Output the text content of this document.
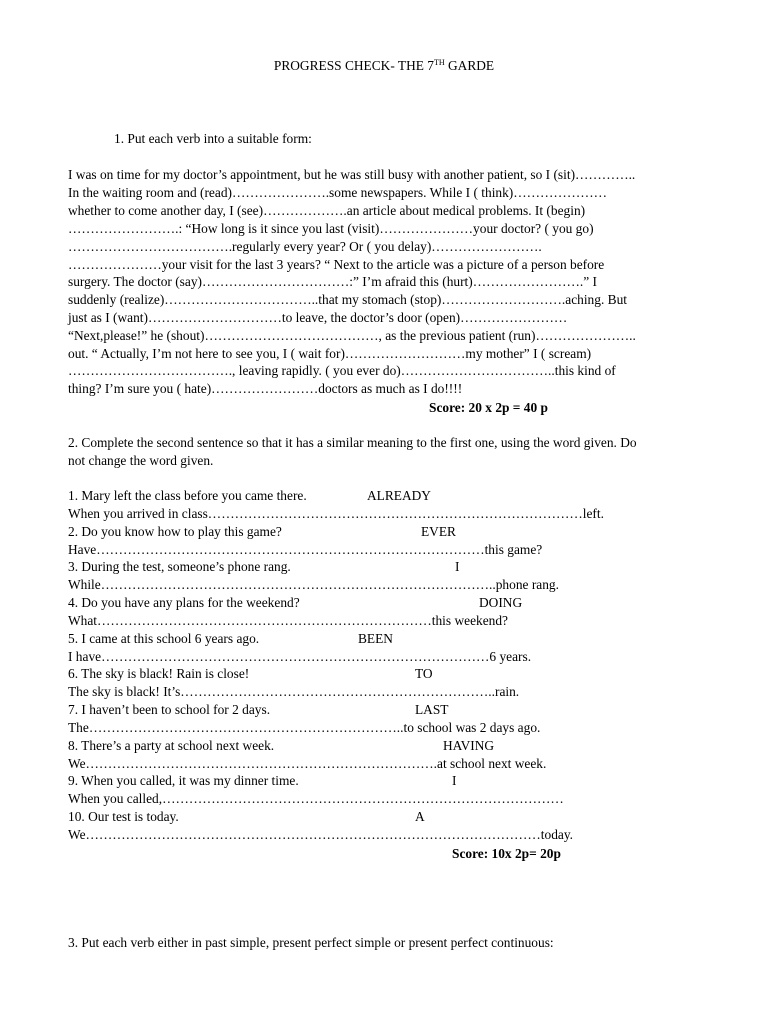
PROGRESS CHECK- THE 7TH GARDE
1. Put each verb into a suitable form:
I was on time for my doctor’s appointment, but he was still busy with another patient, so I (sit)…………..
In the waiting room and (read)………………….some newspapers. While I ( think)…………………
whether to come another day, I (see)……………….an article about medical problems. It (begin)
…………………….: “How long is it since you last (visit)…………………your doctor? ( you go)
……………………………….regularly every year? Or ( you delay)…………………….
…………………your visit for the last 3 years? “ Next to the article was a picture of a person before
surgery. The doctor (say)……………………………:” I’m afraid this (hurt)…………………….” I
suddenly (realize)……………………………..that my stomach (stop)……………………….aching. But
just as I (want)…………………………to leave, the doctor’s door (open)……………………
“Next,please!” he (shout)…………………………………, as the previous patient (run)…………………..
out. “ Actually, I’m not here to see you, I ( wait for)………………………my mother” I ( scream)
………………………………., leaving rapidly. ( you ever do)……………………………..this kind of
thing? I’m sure you ( hate)……………………doctors as much as I do!!!!
Score: 20 x 2p = 40 p
2. Complete the second sentence so that it has a similar meaning to the first one, using the word given. Do
not change the word given.
1. Mary left the class before you came there.	ALREADY
When you arrived in class…………………………………………………………………………left.
2. Do you know how to play this game?	EVER
Have……………………………………………………………………………this game?
3. During the test, someone’s phone rang.	I
While……………………………………………………………………………..phone rang.
4. Do you have any plans for the weekend?	DOING
What…………………………………………………………………this weekend?
5. I came at this school 6 years ago.	BEEN
I have……………………………………………………………………………6 years.
6. The sky is black! Rain is close!	TO
The sky is black! It’s……………………………………………………………..rain.
7. I haven’t been to school for 2 days.	LAST
The……………………………………………………………..to school was 2 days ago.
8. There’s a party at school next week.	HAVING
We…………………………………………………………………….at school next week.
9. When you called, it was my dinner time.	I
When you called,………………………………………………………………………………
10. Our test is today.	A
We…………………………………………………………………………………………today.
Score: 10x 2p= 20p
3. Put each verb either in past simple, present perfect simple or present perfect continuous:
